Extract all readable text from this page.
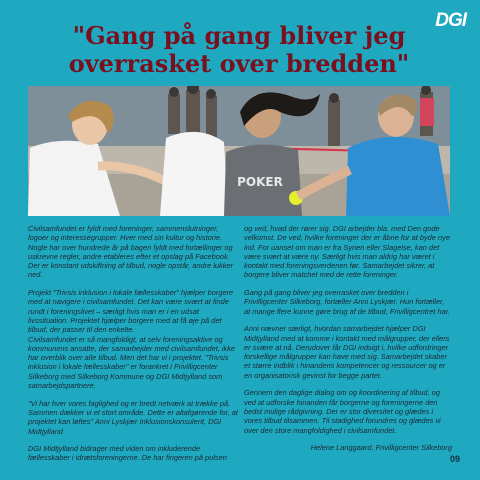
DGI
"Gang på gang bliver jeg overrasket over bredden"
POKER

Civilsamfundet er fyldt med foreninger, sammenslutninger, logoer og interessegrupper. Hver med sin kultur og historie. Nogle har over hundrede år på bagen fyldt med fortællinger og uskrevne regler, andre etableres efter et opslag på Facebook. Der er konstant udskiftning af tilbud, nogle opstår, andre lukker ned.

Projekt "Trivsis inklusion i lokale fællesskaber" hjælper borgere med at navigere i civilsamfundet. Det kan være svært at finde rundt i foreningslivet – særligt hvis man er i en udsat livssituation. Projektet hjælper borgere med at få øje på det tilbud, der passer til den enkelte.
Civilsamfundet er så mangfoldigt, at selv foreningsaktive og kommunens ansatte, der samarbejder med civilsamfundet, ikke har overblik over alle tilbud. Men det har vi i projektet. "Trivsis inklusion i lokale fællesskaber" er forankret i Frivilligcenter Silkeborg med Silkeborg Kommune og DGI Midtjylland som samarbejdspartnere.

"Vi har hver vores faglighed og er bredt netværk at trække på. Sammen dækker vi et stort område. Dette er altafgørende for, at projektet kan løftes" Anni Lyskjær Inklusionskonsulent, DGI Midtjylland

DGI Midtjylland bidrager med viden om inkluderende fællesskaber i idrætsforeningerne. De har fingeren på pulsen

og ved, hvad der rører sig. DGI arbejder bla. med Den gode velkomst. De ved, hvilke foreninger der er åbne for at byde nye ind. For uanset om man er fra Syrien eller Slagelse, kan det være svært at være ny. Særligt hvis man aldrig har været i kontakt med foreningsverdenen før. Samarbejdet sikrer, at borgere bliver matchet med de rette foreninger.

Gang på gang bliver jeg overrasket over bredden i Frivilligcenter Silkeborg, fortæller Anni Lyskjær. Hun fortæller, at mange flere kunne gøre brug af de tilbud, Frivilligcentret har.

Anni nævner særligt, hvordan samarbejdet hjælper DGI Midtjylland med at komme i kontakt med målgrupper, der ellers er svære at nå. Derudover får DGI indsigt i, hvilke udfordringer forskellige målgrupper kan have med sig. Samarbejdet skaber et større indblik i hinandens kompetencer og ressourcer og er en organisatorisk gevinst for begge parter.

Gennem den daglige dialog om og koordinering af tilbud, og ved at udforske hinanden får borgerne og foreningerne den bedst mulige rådgivning. Der er stor diversitet og glædes i vores tilbud tilsammen. Til stadighed forundres og glædes vi over den store mangfoldighed i civilsamfundet.

Helene Langgaard, Frivilligcenter Silkeborg

09
